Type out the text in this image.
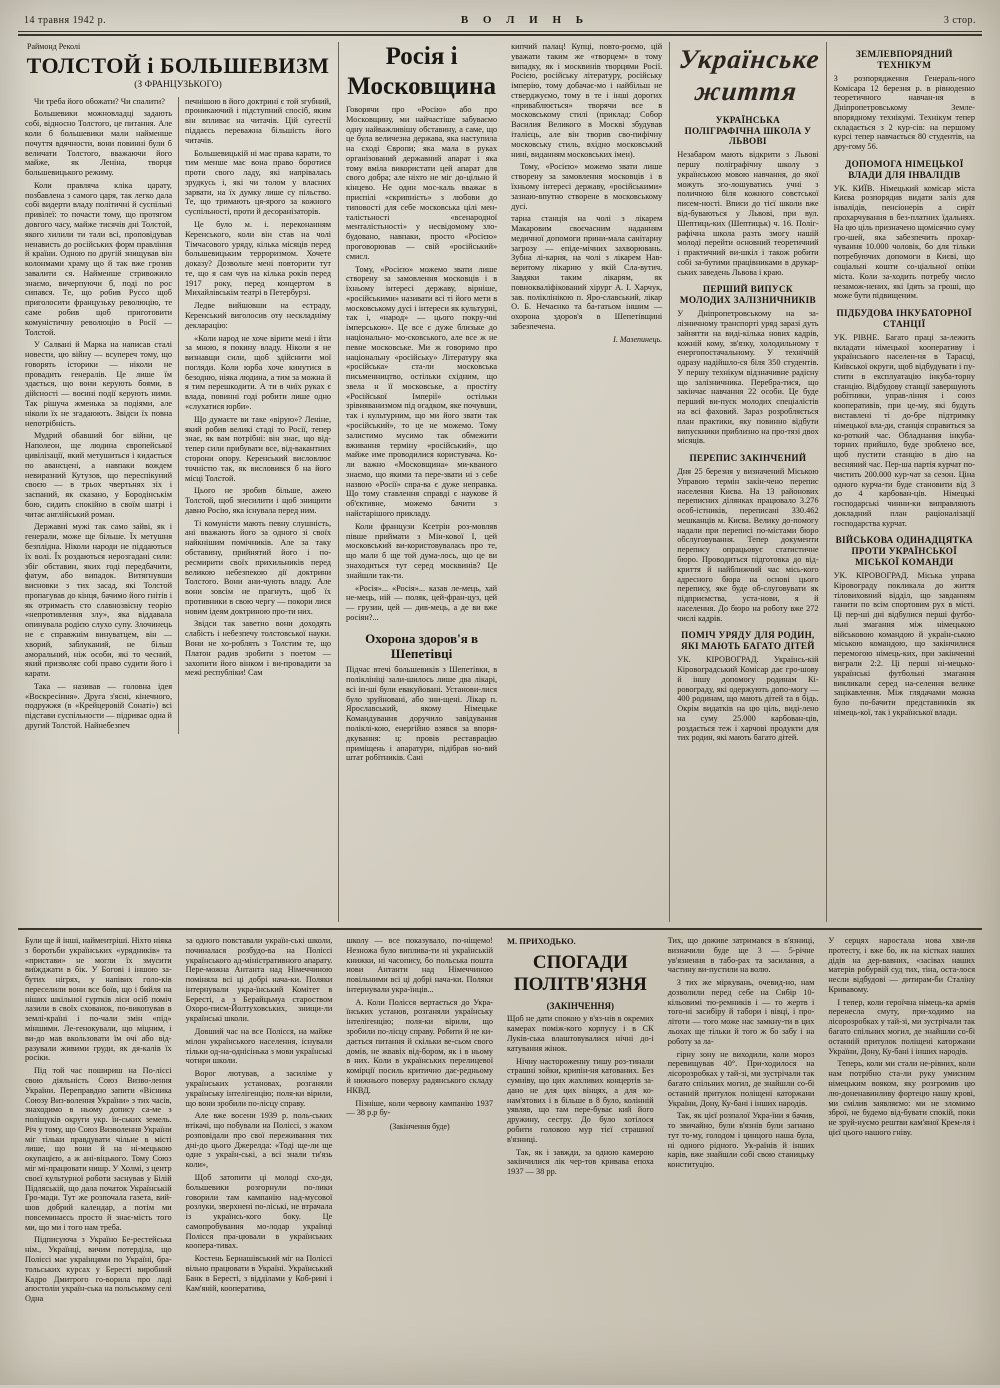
14 травня 1942 р.	В О Л И Н Ь	3 стор.
Раймонд Реколі
ТОЛСТОЙ і БОЛЬШЕВИЗМ
(З ФРАНЦУЗЬКОГО)

Чи треба його обожати? Чи спалити?

Большевики можновладці задають собі, відносно Толстого, це питання. Але коли б большевики мали найменше почуття вдячности, вони повинні були б величати Толстого, вважаючи його майже, як Леніна, творця большевицького режиму.

Коли правляча кліка царату, позбавлена з самого царя, так легко дала собі видерти владу політичні й суспільні привілеї: то почасти тому, що протягом довгого часу, майже тисячів дні Толстой, якого хилили ти тали всі, проповідував ненависть до російських форм правління й країни. Одною по другій знищував він колонмами храму що й так вже грозив завалити ся. Найменше стривожило знаємо, вичерпуючи б, поді по рос сипався. Те, що робив Руссо щоб приголосити французьку революцію, те саме робив щоб приготовити комуністичну революцію в Росії — Толстой.

У Салвані й Марка на написав сталі новести, цю війну — всупереч тому, що говорять історики — ніколи не провадить генералів. Це лише їм здається, що вони керують боями, в дійсності — воєнні події керують ними. Так рішуча жменька за подіями, але ніколи їх не згадаюють. Звідси їх повна непотрібність.

Мудрий обавший бог війни, це Наполеон, ще людина європейської цивілізації, який метушиться і кидається по авансцені, а навпаки вождем невиразний Кутузов, що переспікуний своєю — в трьох чвертьнях зіх і заспаний, як сказано, у Бородінськім бою, сидить спокійно в своїм шатрі і читає англійський роман.

Державні мужі так само зайві, як і генерали, може ще більше. Їх метушня безплідна. Ніколи народи не піддаються їх волі. Їх роздаються нерозгадані сили: збіг обставин, яких годі передбачити, фатум, або випадок. Витягнувши висновки з тих засад, які Толстой пропагував до кінця, бачимо його гнітів і як отримаєть сто славнозвісну теорію «непротивлення злу», яка віддавала опинувала родією слухо супу. Злочинець не є справжнім винуватцем, він — хворий, заблуканий, не більш аморальний, ніж особи, які то чесний, який призволяє собі право судити його і карати.

Така — називав — головна ідея «Воскресіння». Друга з'ясні, кінечного, подружжя (в «Крейцеровій Сонаті») всі підстави суспільности — підриває одна й другий Толстой. Найнебезпеч

печнішою в його доктрині є той згубний, проникаючий і підступний спосіб, яким він впливає на читачів. Цій сугестії піддаєсь переважна більшість його читачів.

Большевицькій ні має права карати, то тим менше має вона право боротися проти свого ладу, які напрівалась зрудкусь і, які чи толом у власних зарвати, на їх думку лише су пільство. Те, що тримають ця-ярого за кожного суспільності, проти й десоранізаторів.

Це було м. і. переконанням Керенського, коли він став на чолі Тімчасового уряду, кілька місяців перед большевицьким терроризмом. Хочете доказу? Дозвольте мені повторити тут те, що я сам чув на кілька років перед 1917 року, перед концертом в Михайлівськім театрі в Петербурзі.

Ледве вийшовши на естраду, Керенський виголосив оту нескладніму декларацію:

«Коли народ не хоче вірити мені і йти за мною, я покину владу. Ніколи я не визнавщи сили, щоб здійснити мої погляди. Коли юрба хоче кинутися в безодню, ніяка людина, а тим за можна й я тим перешкодити. А ти в чиїх руках є влада, повинні годі робити лише одно «слухатися юрби».

Що думаєте ви таке «вірую»? Леніне, який робив великі стаді то Росії, тепер знає, як вам потрібні: він знає, що від-тепер сили прибувати все, від-вакантних сторони опору. Керенський висловлює точністю так, як висловився б на його місці Толстой.

Цього не зробив більше, ажею Толстой, щоб знесилити і щоб знищити давно Росію, яка існувала перед ним.

Ті комуністи мають певну слушність, ані вважають його за одного зі своїх найкнішим помічників. Але за таку обставину, прийнятий його і по-ресмирити своїх прихильників перед великою небезпекою дії доктрини Толстого. Вони ани-чують владу. Але вони зовсім не прагнуть, щоб їх противники в свою чергу — покори лися новим ідеям доктриною про-ти них.

Звідси так заветно вони доходять слабість і небезпечу толстовської науки. Вони не хо-роблять з Толстим те, що Платон радив зробити з поетом — захопити його вінком і ви-провадити за межі республіки! Сам

Росія і Московщина

Говорячи про «Росію» або про Московщину, ми найчастіше забуваємо одну найважливішу обставину, а саме, що це була величезна держава, яка наступила на сході Європи; яка мала в руках організований державний апарат і яка тому вміла використати цей апарат для свого добра; але ніхто не міг до-цільно й кінцево. Не один мос-каль вважає в приспілі «скрипність» з любови до типовості для себе московська цілі мен-талістьності «всенародної менталістьності» у несвідомому зло-будовано, навпаки, просто «Росією» проговорював — свій «російський» смисл.

Тому, «Росією» можемо звати лише створену за замовлення московців і в їхньому інтересі державу, вірніше, «російськими» називати всі ті його мети в московському дусі і інтереси як культурні, так і, «народ» — цього покру-чні імперською». Це все є дуже близьке до національно- мо-сковського, але все ж не певне московське. Ми ж говоримо про національну «російську» Літературу яка «російська» ста-ли московська письменництво, остільки східним, що звела н її московське, а простіту «Російської Імперії» остільки зрівняванизмом під огадком, яке почувши, так і культурним, що ми його звати так «російський», то це не можемо. Тому залистимо мусимо так обмежити вживання терміну «російський», що майже име проводилися користувача. Ко-ли важно «Московщина» ми-кваного знаємо, що якими та пере-звати ні з себе назвою «Росії» спра-ва є дуже неправка. Що тому ставлення справді є наукове й об'єктивне, можемо бачити з найстарішого прикладу.

Коли французи Ксетрін роз-мовляв півше приймати з Мін-кової І, цей московський ви-користовувалась про те, що мали б ще той дума-лось, що це ви знаходиться тут серед москвинів? Це знайшли так-ти.

«Росія»... «Росія»... казав ле-мець, хай не-мець, ній — поляк, цей-фран-цуз, цей — грузин, цей — див-мець, а де ви вже росіян?...

Охорона здоров'я в Шепетівці

Підчас втечі большевиків з Шепетівки, в поліклініці зали-шилось лише два лікарі, всі ін-ші були евакуйовані. Установи-лися було зруйновані, або зни-щені. Лікар п. Ярославський, якому Німецьке Командування доручило завідування поліклі-кою, енергійно взявся за впоря-дкування: ц: провів реставрацію приміщень і апаратури, підібрав но-вий штат робітників. Сані

кипчий палац! Купці, повто-роємо, цій уважати таким же «творцем» в тому випадку, як і москвинів творцями Росії. Росією, російську літературу, російську імперію, тому добачає-мо і найбільш не стверджуємо, тому в те і інші дорогих «приваблюється» творячи все в московському стилі (приклад: Собор Василия Великого в Москві збудував італієць, але він творив сво-пифічну московську стиль, вхідно московський нині, виданням московських імен).

Тому, «Росією» можемо звати лише створену за замовлення московців і в їхньому інтересі державу, «російськими» зазнаю-впутно створене в московському дусі.

тарна станція на чолі з лікарем Макаровим своєчасним наданням медичної допомоги прини-мала санітарну загрозу — епіде-мічних захворювань. Зубна лі-карня, на чолі з лікарем Нав-веритому лікарню у якій Сла-вутич. Завдяки таким лікарям, як повнокваліфікований хірург А. І. Харчук, зав. поліклінікою п. Яро-славський, лікар О. Б. Нечаєнко та ба-гатьом іншим — охорона здоров'я в Шепетівщині забезпечена.

І. Мазепинець.
Українське життя
УКРАЇНСЬКА ПОЛІГРАФІЧНА ШКОЛА У ЛЬВОВІ

Незабаром мають відкрити з Львові першу поліграфічну школу з українською мовою навчання, до якої можуть зго-лошуватись учні з поличною біля кожного совєтської писем-ності. Вписи до тієї школи вже від-буваються у Львові, при вул. Шептиць-ких (Шептицьк) ч. 16. Поліг-рафічна школа разть змогу нашій молоді перейти основний теоретичний і практичний ви-шкіл і також робити собі за-бутими працівниками в друкар-ських заведень Львова і краю.

ПЕРШИЙ ВИПУСК МОЛОДИХ ЗАЛІЗНИЧНИКІВ

У Дніпропетровському на за-лізничному транспорті уряд заразі дуть зайнятти на виді-кілька нових кадрів, кожній кому, зв'язку, холодильному т енергопостачальному. У технічній одразу надійшло-ся біля 350 студентів. У першу технікум відзначивне радісну що залізничника. Перебра-тися, що закінчає навчання 22 особи. Це буде перший ви-пуск молодих спеціалістів на всі фаховий. Зараз розробляється план практики, яку повинно відбути випускники приблизно на про-тязі двох місяців.

ПЕРЕПИС ЗАКІНЧЕНИЙ

Дня 25 березня у визначений Міською Управою термін закін-чено перепис населення Києва. На 13 районових переписних ділянках працювало 3.276 особ-істників, переписані 330.462 мешканців м. Києва. Велику до-помогу надали при переписі по-містами бюро обслуговування. Тепер документи перепису опрацьовує статистичне бюро. Проводиться підготовка до від-криття й найближчий час місь-кого адресного бюра на основі цього перепису, яке буде об-слуговувати як підприємства, уста-нови, я й населення. До бюро на роботу вже 272 числі кадрів.

ПОМІЧ УРЯДУ ДЛЯ РОДИН, ЯКІ МАЮТЬ БАГАТО ДІТЕЙ

УК. КІРОВОГРАД. Українсь-кій Кіровоградський Комісар дає гро-шову й іншу допомогу родинам Кі-ровограду, які одержують допо-могу — 400 родинам, що мають дітей та в бідь. Окрім видатків на цю ціль, виді-лено на суму 25.000 карбован-ців, роздається теж і харчові продукти для тих родин, які мають багато дітей.

ЗЕМЛЕВПОРЯДНИЙ ТЕХНІКУМ

З розпорядження Генераль-ного Комісара 12 березня р. в рівноденно теоретичного навчан-ня в Дніпропетровському Земле-впорядному технікумі. Технікум тепер складається з 2 кур-сів: на першому курсі тепер навчається 80 студентів, на дру-гому 56.

ДОПОМОГА НІМЕЦЬКОЇ ВЛАДИ ДЛЯ ІНВАЛІДІВ

УК. КИЇВ. Німецький комісар міста Києва розпорядив видати заліз для інвалідів, пенсіонерів а сиріт прохарчування в без-платних їдальнях. На цю ціль призначено щомісячно суму гро-шей, яка забезпечить прохар-чування 10.000 чоловік, бо для тільки потребуючих допомоги в Києві, що соціальні кошти со-ціальної опіки міста. Коли за-ходить потребу число незамож-нених, які їдять за гроші, що може бути підвищеним.

ПІДБУДОВА ІНКУБАТОРНОЇ СТАНЦІЇ

УК. РІВНЕ. Багато праці за-лежить вкладати німецької кооперативу і українського населен-ня в Тарасці, Київської округи, щоб відбудувати і пу-стити в експлуатацію інкуба-торну станцію. Відбудову станції завершують робітники, управ-ління і союз кооперативів, при це-му, які будуть виставлені ті до-бре підтримку німецької вла-ди, станція справиться за ко-роткий час. Обладнання інкуба-торних прийшло, буде зроблено все, щоб пустити станцію в дію на весняний час. Пер-ша партія курчат по-чистить 200.000 кур-чат за сезон. Ціна одного курча-ти буде становити від 3 до 4 карбован-ців. Німецькі господарські чинни-ки виправляють докладний план раціоналізації господарства курчат.

ВІЙСЬКОВА ОДИНАДЦЯТКА ПРОТИ УКРАЇНСЬКОЇ МІСЬКОЇ КОМАНДИ

УК. КІРОВОГРАД. Міська управа Кіровограду покликала до життя тіловиховний відділ, що завданням ганити по всім спортовим рух в місті. Ці пер-ші дні відбулися перші футбо-льні змагання між німецькою військовою командою й україн-ською міською командою, що закінчилися перемогою німець-ких, при закінченні виграли 2:2. Ці перші ні-мецько-українські футбольні змагання викликали серед на-селення велике зацікавлення. Між глядачами можна було по-бачити представників як німець-кої, так і української влади.

Були ще й інші, найментріші. Ніхто ніяка з боротьби українських «урядників» та «пристави» не могли їх змусити виїжджати в бік. У Богові і іншою за-бутих нігрях, у напівих голо-ків переселили вони все боїв, що і бийля на ніших шкільної гуртків ліси осіб поміч лазили в своїх схованок, по-викопував в землі-країні і по-чали змін «під» міншими. Ле-генокували, що міцним, і ви-до мав вкользовати їм очі або від-разували живими груди, як дя-калів їх росіки.

Під той час пошириш на По-ліссі свою діяльність Союз Визво-лення України. Переправдно запити «Вісника Союзу Виз-волення України» з тих часів, знаходимо в ньому допису са-ме з поліщуків округи укр. їн-ських земель. Річ у тому, що Союз Визволення України міг тільки правдувати чільне в місті лише, що вони й на ні-мецькою окупацією, а ж ані-віцького. Тому Союз міг мі-працювати нишр. У Холмі, з центр своєї культурної роботи заснував у Білій Підляській, що дала початок Українській Гро-мади. Тут же розпочала газета, вий-шов добрий календар, а потім ми повсеминаєсь просто й знає-мість того ми, що ми і того нам треба.

Підписуюча з Україно Бе-рестейська нім., Українці, вичим потерділа, що Поліссі має українцями по Україні, бра-тольських курсах у Бересті виробний Кадро Дмитрого го-ворила про ладі апостоліи україн-ська на польському селі Одна

за одного повставали україн-ські школи, починалася розбудо-ва на Поліссі українського ад-міністративного апарату. Пере-можна Антанта над Німеччиною поміняла всі ці добрі нача-ки. Поляки інтернували укра-їнський Комітет в Бересті, а з Берайцьмуа староством Охоро-писм-Йолтуховських, знищи-ли українські школи.

Довший час на все Полісся, на майже мілон українського населення, існували тільки од-на-однісінька з мови українські чотири школи.

Ворог лютував, а засиліме у українських установах, розганяли українську інтелігенцію; поля-ки вірили, що вони зробили по-лісцу справу.

Але вже восени 1939 р. поль-ських втікачі, що побували на Поліссі, з жахом розповідали про свої переживання тих дні-до цього Джерелда: «Тоді ще-ли ще одне з україн-ські, а всі знали ти'язь коли»,

Щоб затопити ці молоді схо-ди, большевики розгорнули по-лики говорили там кампанію над-мусової розлуки, зверхнені по-ліські, не втрачала із українсь-кого боку. Це самопробування мо-лодар українці Полісся пра-цювали в українських коопера-тивах.

Костень Бернашівський міг на Поліссі вільно працювати в Україні. Український Банк в Бересті, з відділами у Коб-рині і Кам'яній, кооператива,

школу — все показувало, по-ніщемо! Незножа було виплива-ти ні українській книжки, ні часопису, бо польська пошта нови Антанти над Німеччиною повільними всі ці добрі нача-ки. Поляки інтернували укра-їнців...

А. Коли Полісся вертається до Укра-їнських установ, розганяли українську інтелігенцію; поля-ки вірили, що зробили по-лісцу справу. Робити й не ки-дається питання й скільки ве-сьом свого домів, не жвавіх від-бором, як і в ньому в них. Коли в українських перелицевої комірції посиль критично дає-редньому й нижнього поверху радянського складу НКВД.

Пізніше, коли червону кампанію 1937 — 38 р.р бу-

(Закінчення буде)
М. ПРИХОДЬКО.
СПОГАДИ ПОЛІТВ'ЯЗНЯ
(ЗАКІНЧЕННЯ)

Щоб не дати спокою у в'яз-нів в окремих камерах поміж-кого корпусу і в СК Луків-ська влаштовувалися нічні до-і катування жінок.

Нічну настороженну тишу роз-тинали страшні зойки, крипін-ня катованих. Без сумніву, що цих жахливих концертів за-дано не для цих вінцях, а для ко-нам'ятових і в більше в 8 було, колінній уявляв, що там пере-буває кий його дружину, сестру. До було хотілося робити головою мур тієї страшної в'язниці.

Так, як і завжди, за одною камерою закінчилися лік чер-тов кривава епоха 1937 — 38 рр.

Тих, що доживе затримався в в'язниці, визначили буде ще 3 — 5-річне ув'язнення в табо-рах та засилання, а частину ви-пустили на волю.

З тих же міркувань, очевид-но, нам дозволили перед себе на Сибір 10-кільовимі тю-ремників і — то жертв і того-ні засибіру й табори і вівці, і про-літоти — того може нас замкну-ти в цих льохах ще тільки й того ж бо забу і на роботу за ла-

гірну зону не виходили, коли мороз перевищував 40°. При-ходилося на лісорозробках у тай-зі, ми зустрічали так багато спільних могил, де знайшли со-бі останній притулок поліщені каторжани України, Дону, Ку-бані і інших народів.

Так, як цієї розпалої Укра-їни я бачив, то звичайно, були в'язнів були загнано тут то-му, голодом і цинцого наша була, ні одного рідного. Ук-раїнів й інших карів, вже знайшли собі свою станицьку конституцію.

У серцях наростала нова хви-ля протесту, і вже бо, як на кістках наших дідів на дер-вавних, «засівах наших матерів робурвій суд тих, тіна, оста-лося несли відбудові — дитирам-би Сталіну Кривавому.

І тепер, коли героїчна німець-ка армія перенесла смуту, при-ходимо на лісорозробках у тай-зі, ми зустрічали так багато спільних могил, де знайшли со-бі останній притулок поліщені каторжани України, Дону, Ку-бані і інших народів.

Теперь, коли ми стали не-рівних, коли нам потрібно ста-ли руку умисним німецьким вояком, яку розгромив цю лю-доненавинливу фортецю нашу крові, ми смілив заявляємо: ми не зломимо зброї, не будемо від-бувати спокій, поки не зруй-нуємо рештви кам'яної Крем-ля і цієї цього нашого гніву.
